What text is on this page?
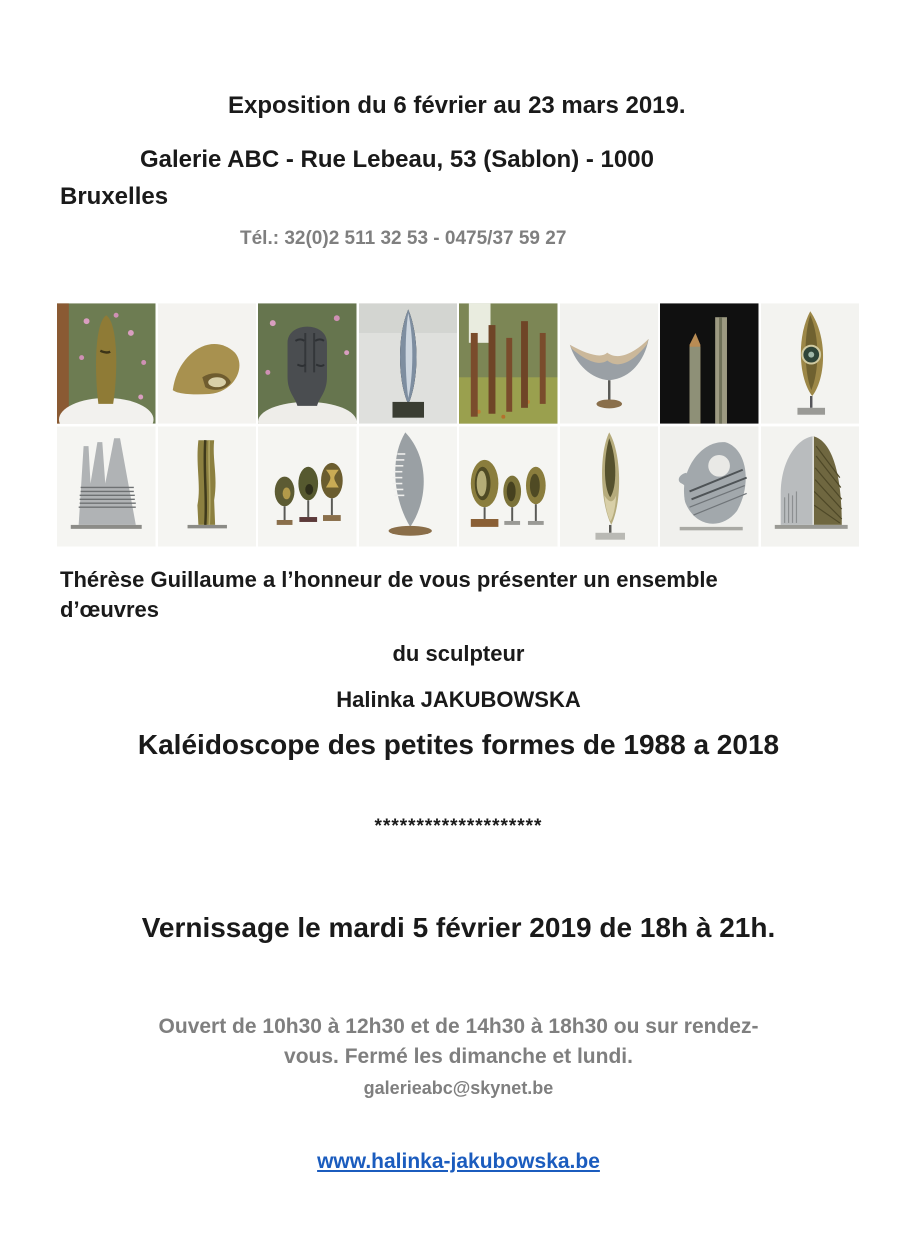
Exposition du 6 février au 23 mars 2019.
Galerie ABC - Rue Lebeau, 53 (Sablon) - 1000
Bruxelles
Tél.: 32(0)2 511 32 53 - 0475/37 59 27
Thérèse Guillaume a l’honneur de vous présenter un ensemble
d’œuvres
du sculpteur
Halinka JAKUBOWSKA
Kaléidoscope des petites formes de 1988 a 2018
********************
Vernissage le mardi 5 février 2019 de 18h à 21h.
Ouvert de 10h30 à 12h30 et de 14h30 à 18h30 ou sur rendez-
vous. Fermé les dimanche et lundi.
galerieabc@skynet.be
www.halinka-jakubowska.be
